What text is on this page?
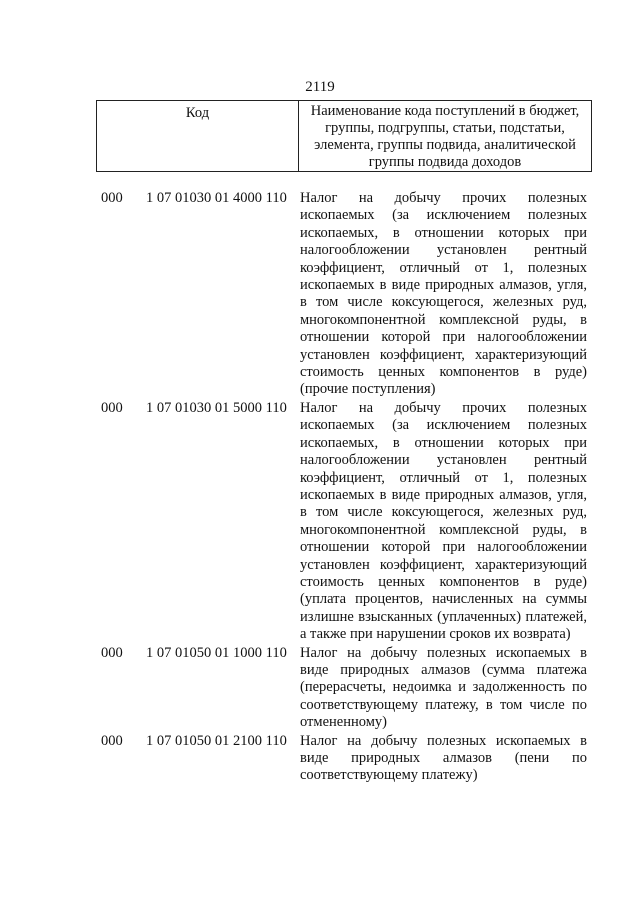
2119
Код	Наименование кода поступлений в бюджет, группы, подгруппы, статьи, подстатьи, элемента, группы подвида, аналитической группы подвида доходов
000 1 07 01030 01 4000 110 Налог на добычу прочих полезных ископаемых (за исключением полезных ископаемых, в отношении которых при налогообложении установлен рентный коэффициент, отличный от 1, полезных ископаемых в виде природных алмазов, угля, в том числе коксующегося, железных руд, многокомпонентной комплексной руды, в отношении которой при налогообложении установлен коэффициент, характеризующий стоимость ценных компонентов в руде) (прочие поступления)
000 1 07 01030 01 5000 110 Налог на добычу прочих полезных ископаемых (за исключением полезных ископаемых, в отношении которых при налогообложении установлен рентный коэффициент, отличный от 1, полезных ископаемых в виде природных алмазов, угля, в том числе коксующегося, железных руд, многокомпонентной комплексной руды, в отношении которой при налогообложении установлен коэффициент, характеризующий стоимость ценных компонентов в руде) (уплата процентов, начисленных на суммы излишне взысканных (уплаченных) платежей, а также при нарушении сроков их возврата)
000 1 07 01050 01 1000 110 Налог на добычу полезных ископаемых в виде природных алмазов (сумма платежа (перерасчеты, недоимка и задолженность по соответствующему платежу, в том числе по отмененному)
000 1 07 01050 01 2100 110 Налог на добычу полезных ископаемых в виде природных алмазов (пени по соответствующему платежу)
